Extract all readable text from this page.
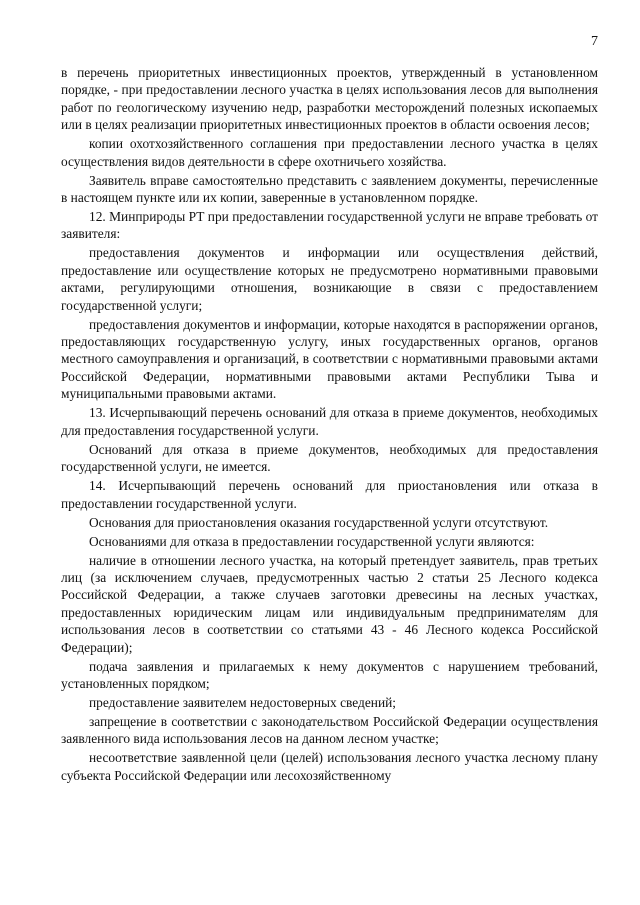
7

в перечень приоритетных инвестиционных проектов, утвержденный в установленном порядке, - при предоставлении лесного участка в целях использования лесов для выполнения работ по геологическому изучению недр, разработки месторождений полезных ископаемых или в целях реализации приоритетных инвестиционных проектов в области освоения лесов;

копии охотхозяйственного соглашения при предоставлении лесного участка в целях осуществления видов деятельности в сфере охотничьего хозяйства.

Заявитель вправе самостоятельно представить с заявлением документы, перечисленные в настоящем пункте или их копии, заверенные в установленном порядке.

12. Минприроды РТ при предоставлении государственной услуги не вправе требовать от заявителя:

предоставления документов и информации или осуществления действий, предоставление или осуществление которых не предусмотрено нормативными правовыми актами, регулирующими отношения, возникающие в связи с предоставлением государственной услуги;

предоставления документов и информации, которые находятся в распоряжении органов, предоставляющих государственную услугу, иных государственных органов, органов местного самоуправления и организаций, в соответствии с нормативными правовыми актами Российской Федерации, нормативными правовыми актами Республики Тыва и муниципальными правовыми актами.

13. Исчерпывающий перечень оснований для отказа в приеме документов, необходимых для предоставления государственной услуги.

Оснований для отказа в приеме документов, необходимых для предоставления государственной услуги, не имеется.

14. Исчерпывающий перечень оснований для приостановления или отказа в предоставлении государственной услуги.

Основания для приостановления оказания государственной услуги отсутствуют.

Основаниями для отказа в предоставлении государственной услуги являются:

наличие в отношении лесного участка, на который претендует заявитель, прав третьих лиц (за исключением случаев, предусмотренных частью 2 статьи 25 Лесного кодекса Российской Федерации, а также случаев заготовки древесины на лесных участках, предоставленных юридическим лицам или индивидуальным предпринимателям для использования лесов в соответствии со статьями 43 - 46 Лесного кодекса Российской Федерации);

подача заявления и прилагаемых к нему документов с нарушением требований, установленных порядком;

предоставление заявителем недостоверных сведений;

запрещение в соответствии с законодательством Российской Федерации осуществления заявленного вида использования лесов на данном лесном участке;

несоответствие заявленной цели (целей) использования лесного участка лесному плану субъекта Российской Федерации или лесохозяйственному
